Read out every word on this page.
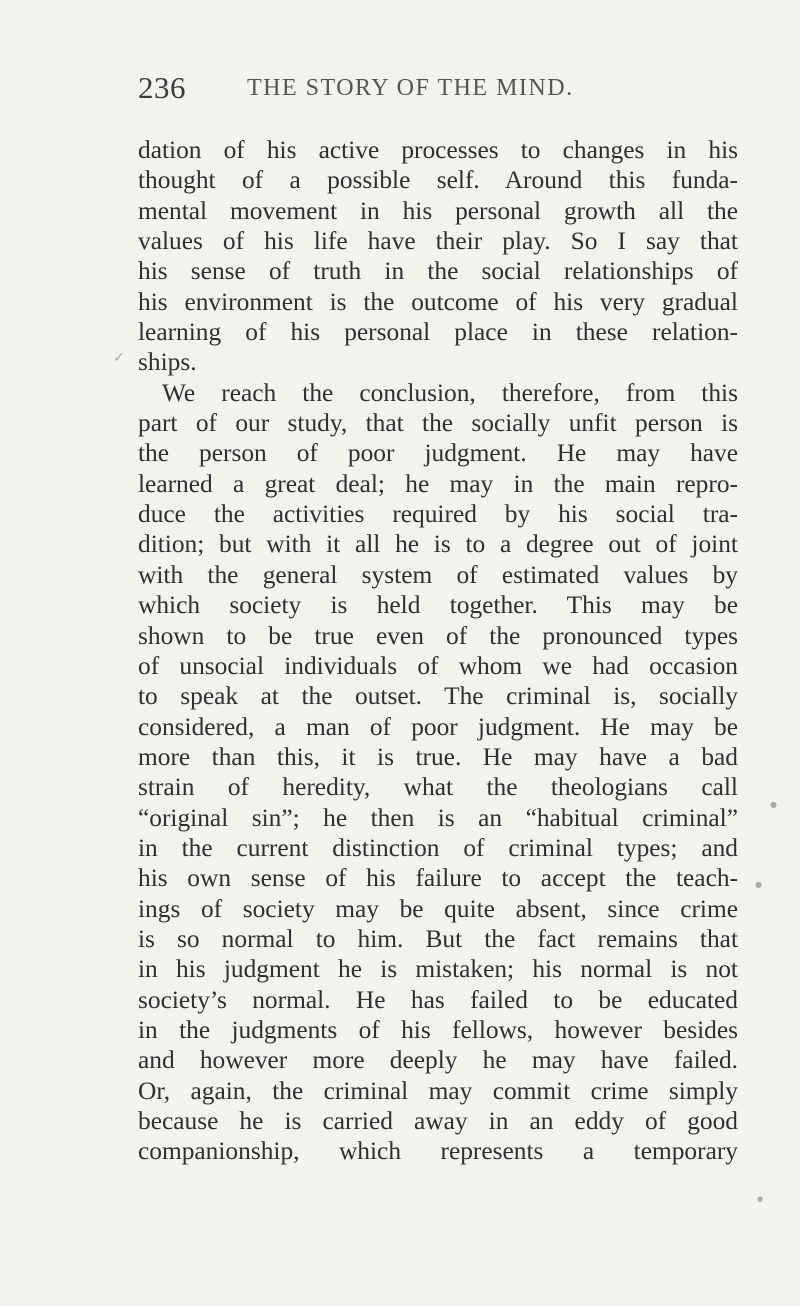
236	THE STORY OF THE MIND.
dation of his active processes to changes in his
thought of a possible self. Around this funda-
mental movement in his personal growth all the
values of his life have their play. So I say that
his sense of truth in the social relationships of
his environment is the outcome of his very gradual
learning of his personal place in these relation-
ships.
We reach the conclusion, therefore, from this
part of our study, that the socially unfit person is
the person of poor judgment. He may have
learned a great deal; he may in the main repro-
duce the activities required by his social tra-
dition; but with it all he is to a degree out of joint
with the general system of estimated values by
which society is held together. This may be
shown to be true even of the pronounced types
of unsocial individuals of whom we had occasion
to speak at the outset. The criminal is, socially
considered, a man of poor judgment. He may be
more than this, it is true. He may have a bad
strain of heredity, what the theologians call
“original sin”; he then is an “habitual criminal”
in the current distinction of criminal types; and
his own sense of his failure to accept the teach-
ings of society may be quite absent, since crime
is so normal to him. But the fact remains that
in his judgment he is mistaken; his normal is not
society’s normal. He has failed to be educated
in the judgments of his fellows, however besides
and however more deeply he may have failed.
Or, again, the criminal may commit crime simply
because he is carried away in an eddy of good
companionship, which represents a temporary
✓
●
●
●
